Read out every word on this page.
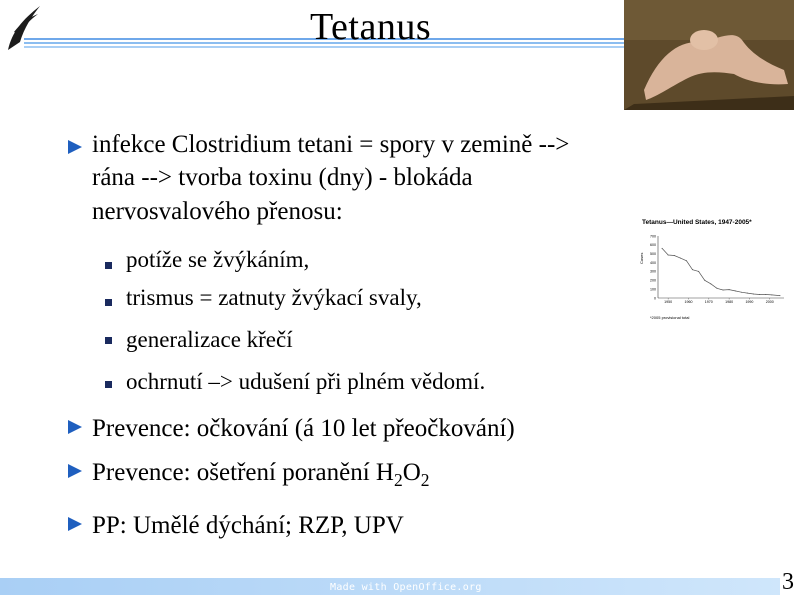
Tetanus
infekce Clostridium tetani = spory v zemině -->
rána --> tvorba toxinu (dny) - blokáda
nervosvalového přenosu:
potíže se žvýkáním,
trismus = zatnuty žvýkací svaly,
generalizace křečí
ochrnutí –> udušení při plném vědomí.
Prevence: očkování (á 10 let přeočkování)
Prevence: ošetření poranění $H_2O_2$
PP: Umělé dýchání; RZP, UPV
Tetanus—United States, 1947-2005*
*2005 provisional total
Cases
700
600
500
400
300
200
100
0
1950	1960	1970	1980	1990	2000
Made with OpenOffice.org	3
